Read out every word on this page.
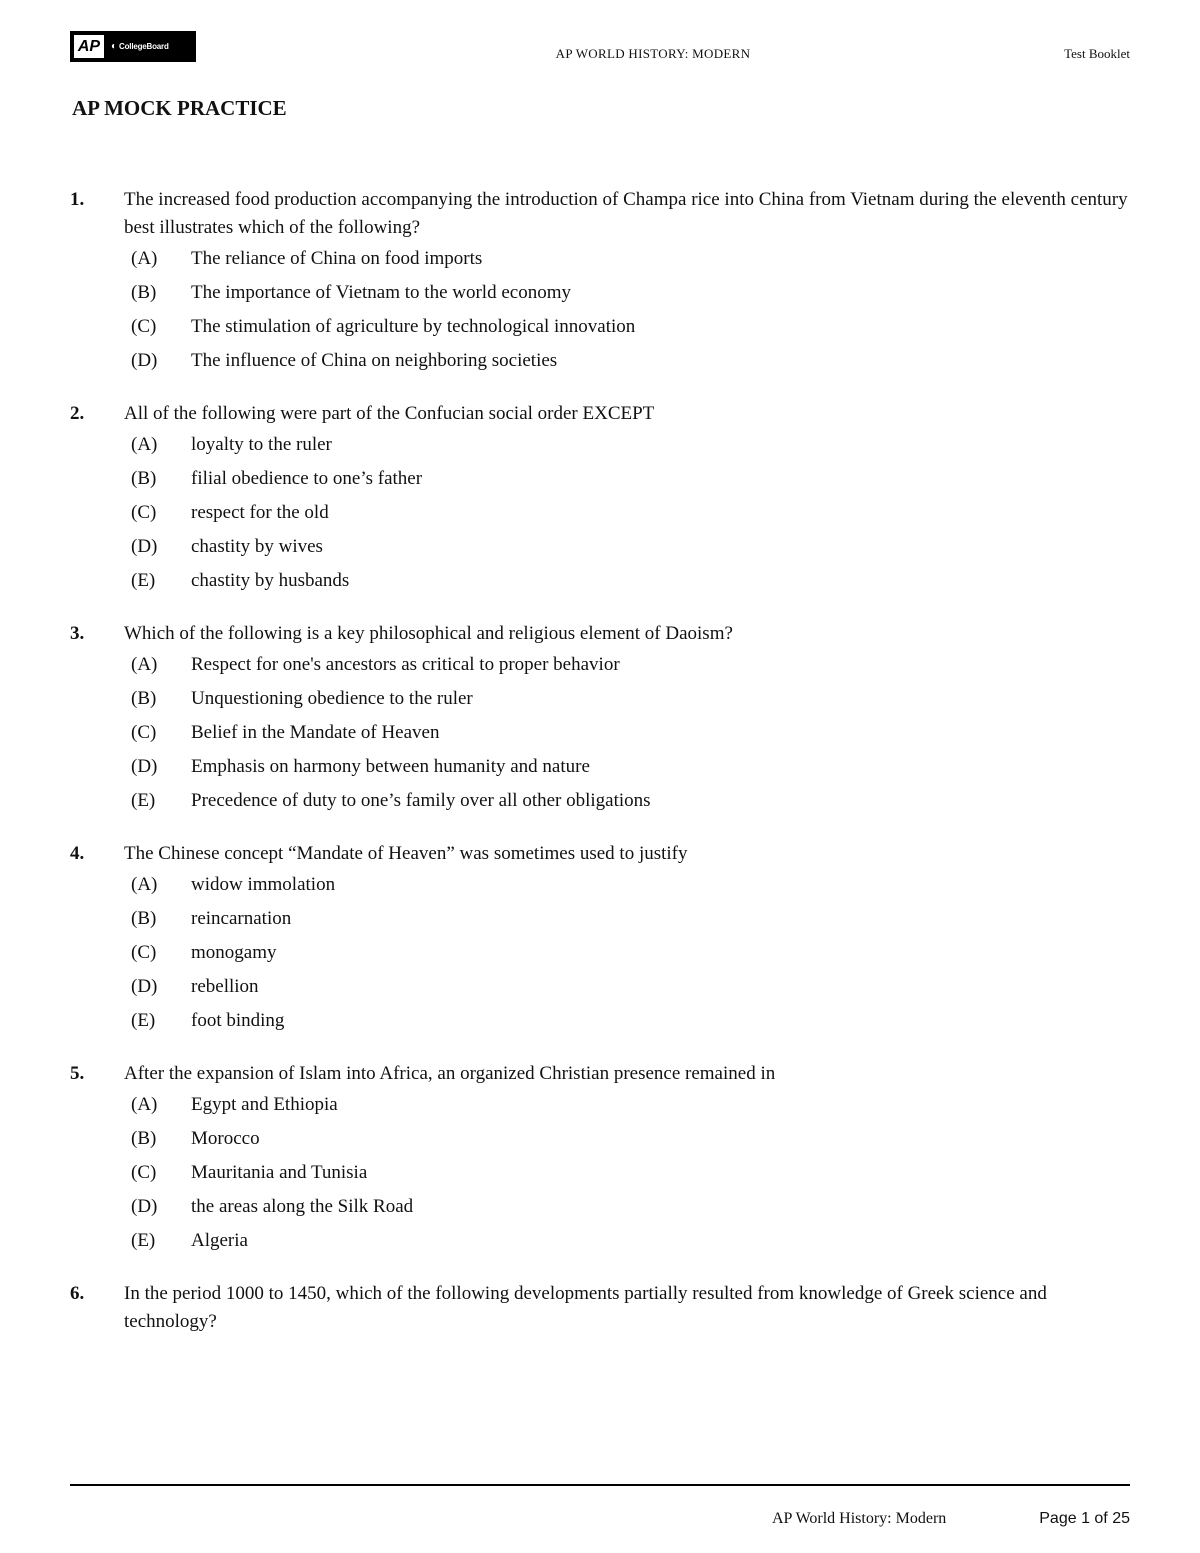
AP	◐ CollegeBoard	AP WORLD HISTORY: MODERN	Test Booklet
AP MOCK PRACTICE
1.	The increased food production accompanying the introduction of Champa rice into China from Vietnam during the eleventh century best illustrates which of the following?
(A)	The reliance of China on food imports
(B)	The importance of Vietnam to the world economy
(C)	The stimulation of agriculture by technological innovation
(D)	The influence of China on neighboring societies
2.	All of the following were part of the Confucian social order EXCEPT
(A)	loyalty to the ruler
(B)	filial obedience to one’s father
(C)	respect for the old
(D)	chastity by wives
(E)	chastity by husbands
3.	Which of the following is a key philosophical and religious element of Daoism?
(A)	Respect for one's ancestors as critical to proper behavior
(B)	Unquestioning obedience to the ruler
(C)	Belief in the Mandate of Heaven
(D)	Emphasis on harmony between humanity and nature
(E)	Precedence of duty to one’s family over all other obligations
4.	The Chinese concept “Mandate of Heaven” was sometimes used to justify
(A)	widow immolation
(B)	reincarnation
(C)	monogamy
(D)	rebellion
(E)	foot binding
5.	After the expansion of Islam into Africa, an organized Christian presence remained in
(A)	Egypt and Ethiopia
(B)	Morocco
(C)	Mauritania and Tunisia
(D)	the areas along the Silk Road
(E)	Algeria
6.	In the period 1000 to 1450, which of the following developments partially resulted from knowledge of Greek science and technology?
AP World History: Modern	Page 1 of 25
